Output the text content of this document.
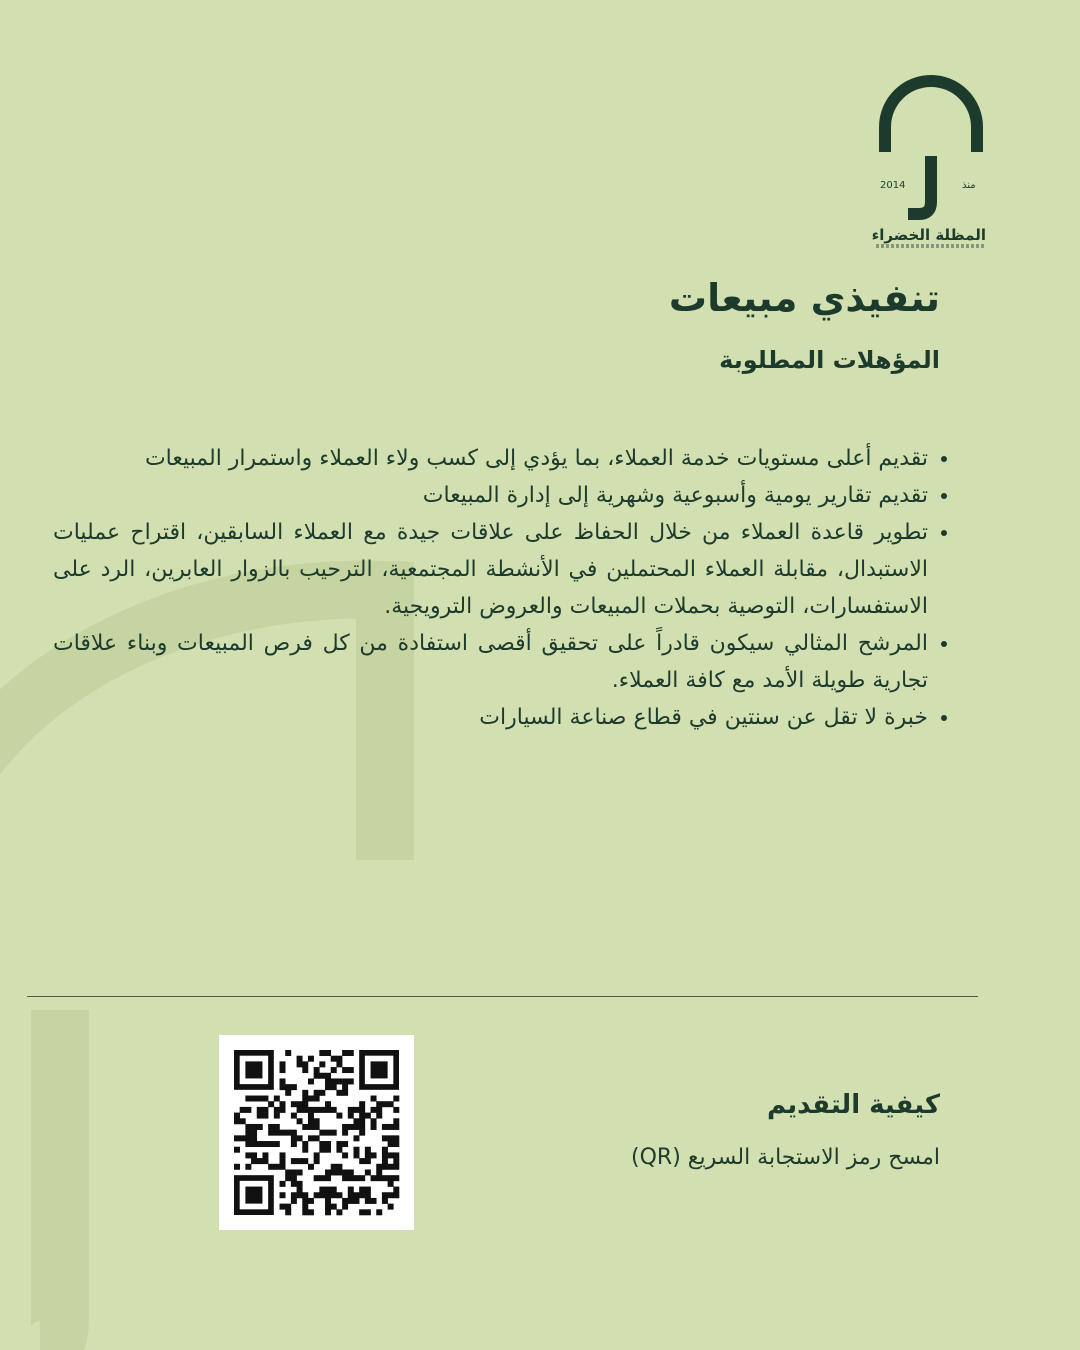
منذ
2014
المظلة الخضراء
تنفيذي مبيعات
المؤهلات المطلوبة
• تقديم أعلى مستويات خدمة العملاء، بما يؤدي إلى كسب ولاء العملاء واستمرار المبيعات
• تقديم تقارير يومية وأسبوعية وشهرية إلى إدارة المبيعات
• تطوير قاعدة العملاء من خلال الحفاظ على علاقات جيدة مع العملاء السابقين، اقتراح عمليات الاستبدال، مقابلة العملاء المحتملين في الأنشطة المجتمعية، الترحيب بالزوار العابرين، الرد على الاستفسارات، التوصية بحملات المبيعات والعروض الترويجية.
• المرشح المثالي سيكون قادراً على تحقيق أقصى استفادة من كل فرص المبيعات وبناء علاقات تجارية طويلة الأمد مع كافة العملاء.
• خبرة لا تقل عن سنتين في قطاع صناعة السيارات
كيفية التقديم

امسح رمز الاستجابة السريع (QR)
